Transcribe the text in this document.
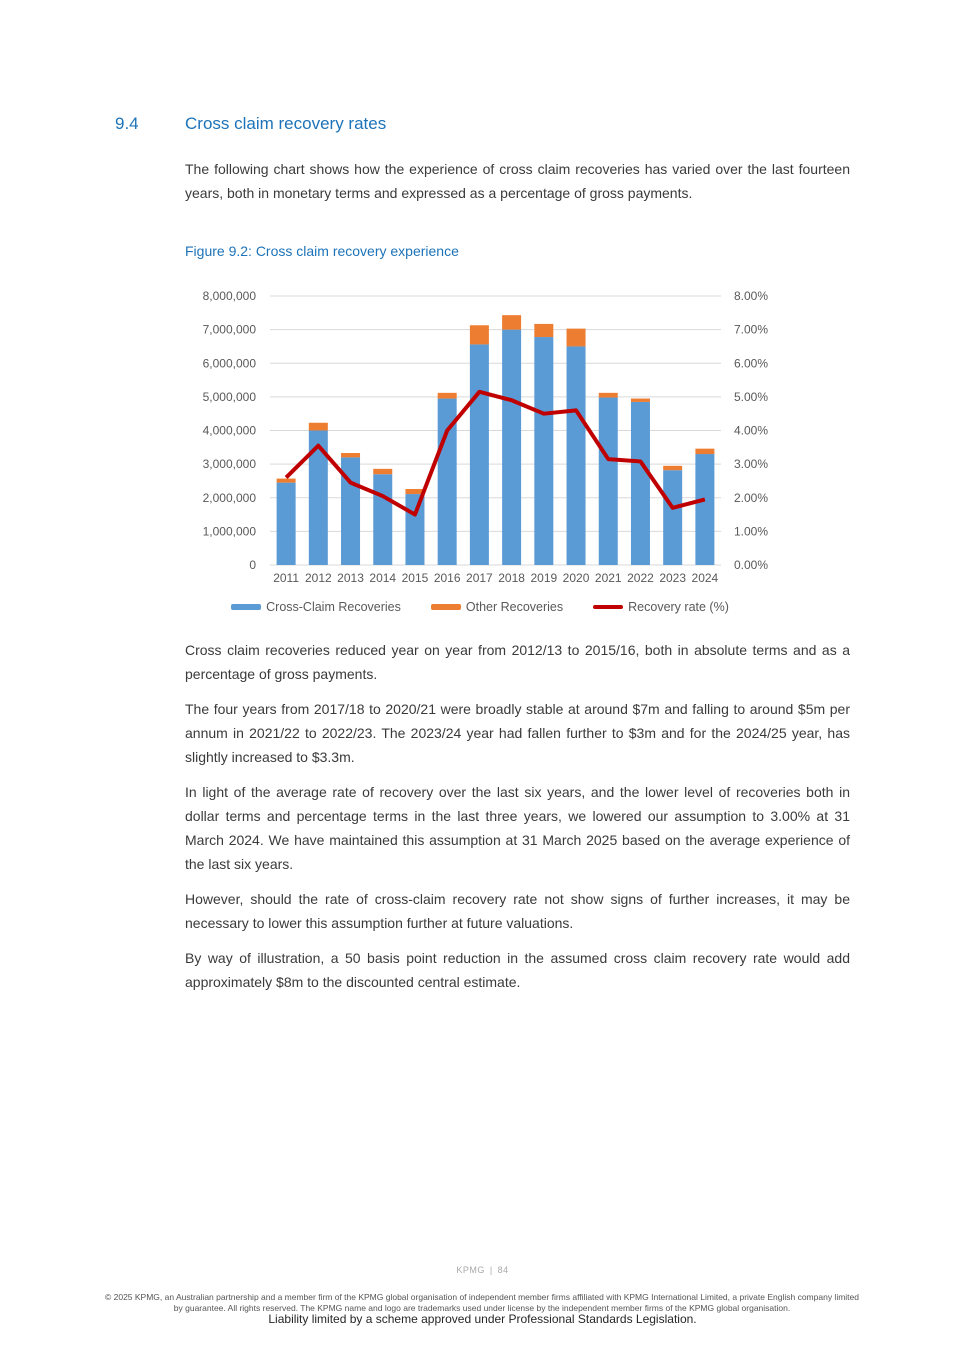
9.4	Cross claim recovery rates

The following chart shows how the experience of cross claim recoveries has varied over the last fourteen years, both in monetary terms and expressed as a percentage of gross payments.

Figure 9.2: Cross claim recovery experience
0	0.00%
1,000,000	1.00%
2,000,000	2.00%
3,000,000	3.00%
4,000,000	4.00%
5,000,000	5.00%
6,000,000	6.00%
7,000,000	7.00%
8,000,000	8.00%
2011 2012 2013 2014 2015 2016 2017 2018 2019 2020 2021 2022 2023 2024
Cross-Claim Recoveries	Other Recoveries	Recovery rate (%)

Cross claim recoveries reduced year on year from 2012/13 to 2015/16, both in absolute terms and as a percentage of gross payments.

The four years from 2017/18 to 2020/21 were broadly stable at around $7m and falling to around $5m per annum in 2021/22 to 2022/23. The 2023/24 year had fallen further to $3m and for the 2024/25 year, has slightly increased to $3.3m.

In light of the average rate of recovery over the last six years, and the lower level of recoveries both in dollar terms and percentage terms in the last three years, we lowered our assumption to 3.00% at 31 March 2024. We have maintained this assumption at 31 March 2025 based on the average experience of the last six years.

However, should the rate of cross-claim recovery rate not show signs of further increases, it may be necessary to lower this assumption further at future valuations.

By way of illustration, a 50 basis point reduction in the assumed cross claim recovery rate would add approximately $8m to the discounted central estimate.

KPMG | 84
© 2025 KPMG, an Australian partnership and a member firm of the KPMG global organisation of independent member firms affiliated with KPMG International Limited, a private English company limited by guarantee. All rights reserved. The KPMG name and logo are trademarks used under license by the independent member firms of the KPMG global organisation.
Liability limited by a scheme approved under Professional Standards Legislation.
